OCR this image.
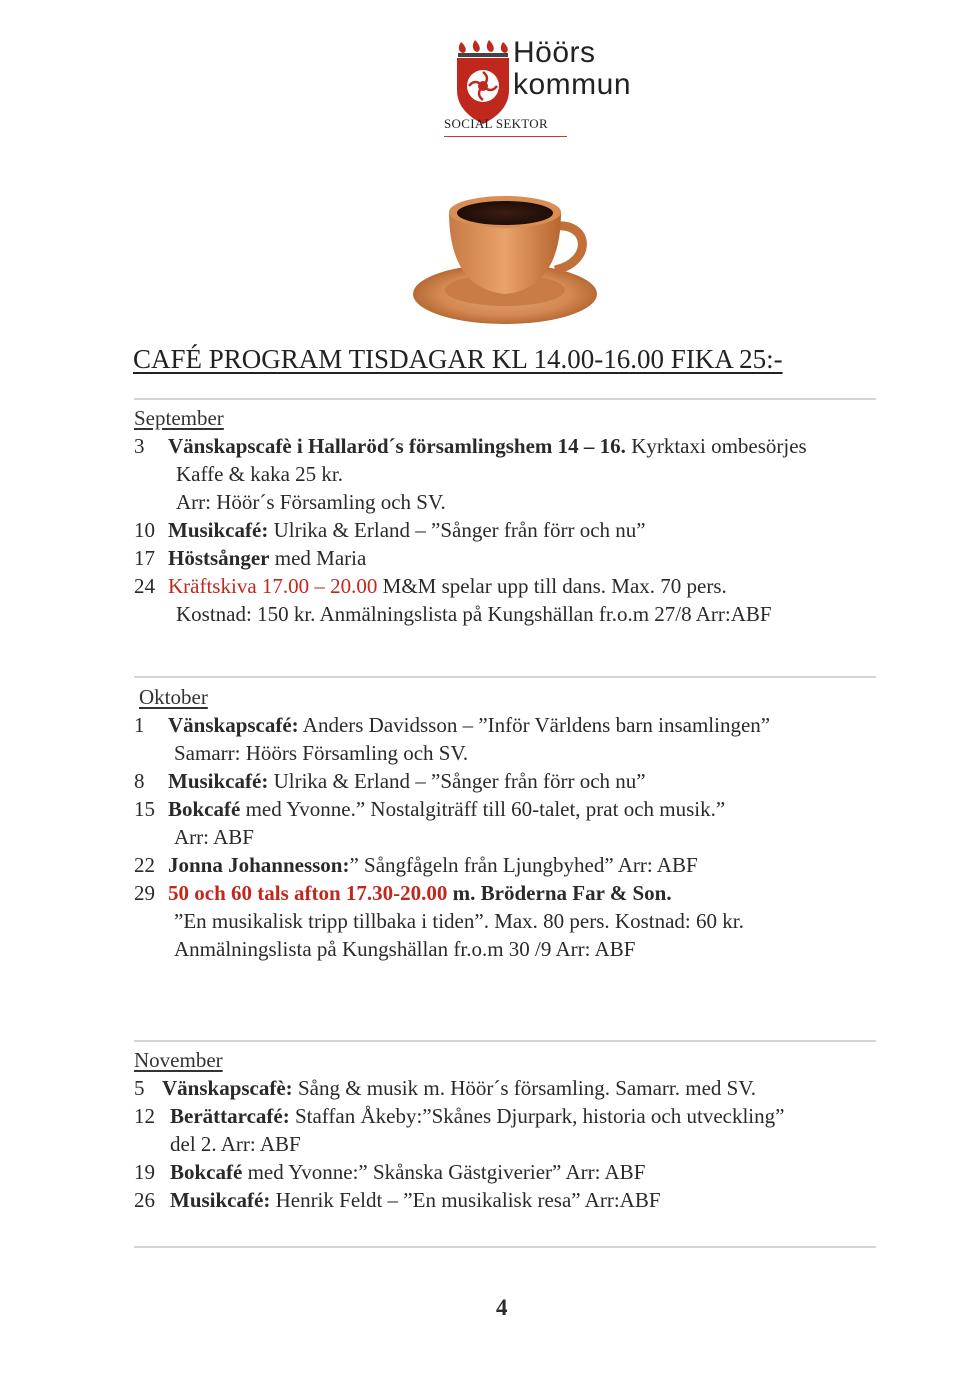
Höörs
kommun
SOCIAL SEKTOR
CAFÉ PROGRAM TISDAGAR KL 14.00-16.00 FIKA 25:-
September
3 Vänskapscafè i Hallaröd´s församlingshem 14 – 16. Kyrktaxi ombesörjes
Kaffe & kaka 25 kr.
Arr: Höör´s Församling och SV.
10 Musikcafé: Ulrika & Erland – ”Sånger från förr och nu”
17 Höstsånger med Maria
24 Kräftskiva 17.00 – 20.00 M&M spelar upp till dans. Max. 70 pers.
Kostnad: 150 kr. Anmälningslista på Kungshällan fr.o.m 27/8 Arr:ABF
Oktober
1 Vänskapscafé: Anders Davidsson – ”Inför Världens barn insamlingen”
Samarr: Höörs Församling och SV.
8 Musikcafé: Ulrika & Erland – ”Sånger från förr och nu”
15 Bokcafé med Yvonne.” Nostalgiträff till 60-talet, prat och musik.”
Arr: ABF
22 Jonna Johannesson:” Sångfågeln från Ljungbyhed” Arr: ABF
29 50 och 60 tals afton 17.30-20.00 m. Bröderna Far & Son.
”En musikalisk tripp tillbaka i tiden”. Max. 80 pers. Kostnad: 60 kr.
Anmälningslista på Kungshällan fr.o.m 30 /9 Arr: ABF
November
5 Vänskapscafè: Sång & musik m. Höör´s församling. Samarr. med SV.
12 Berättarcafé: Staffan Åkeby:”Skånes Djurpark, historia och utveckling”
del 2. Arr: ABF
19 Bokcafé med Yvonne:” Skånska Gästgiverier” Arr: ABF
26 Musikcafé: Henrik Feldt – ”En musikalisk resa” Arr:ABF
4
